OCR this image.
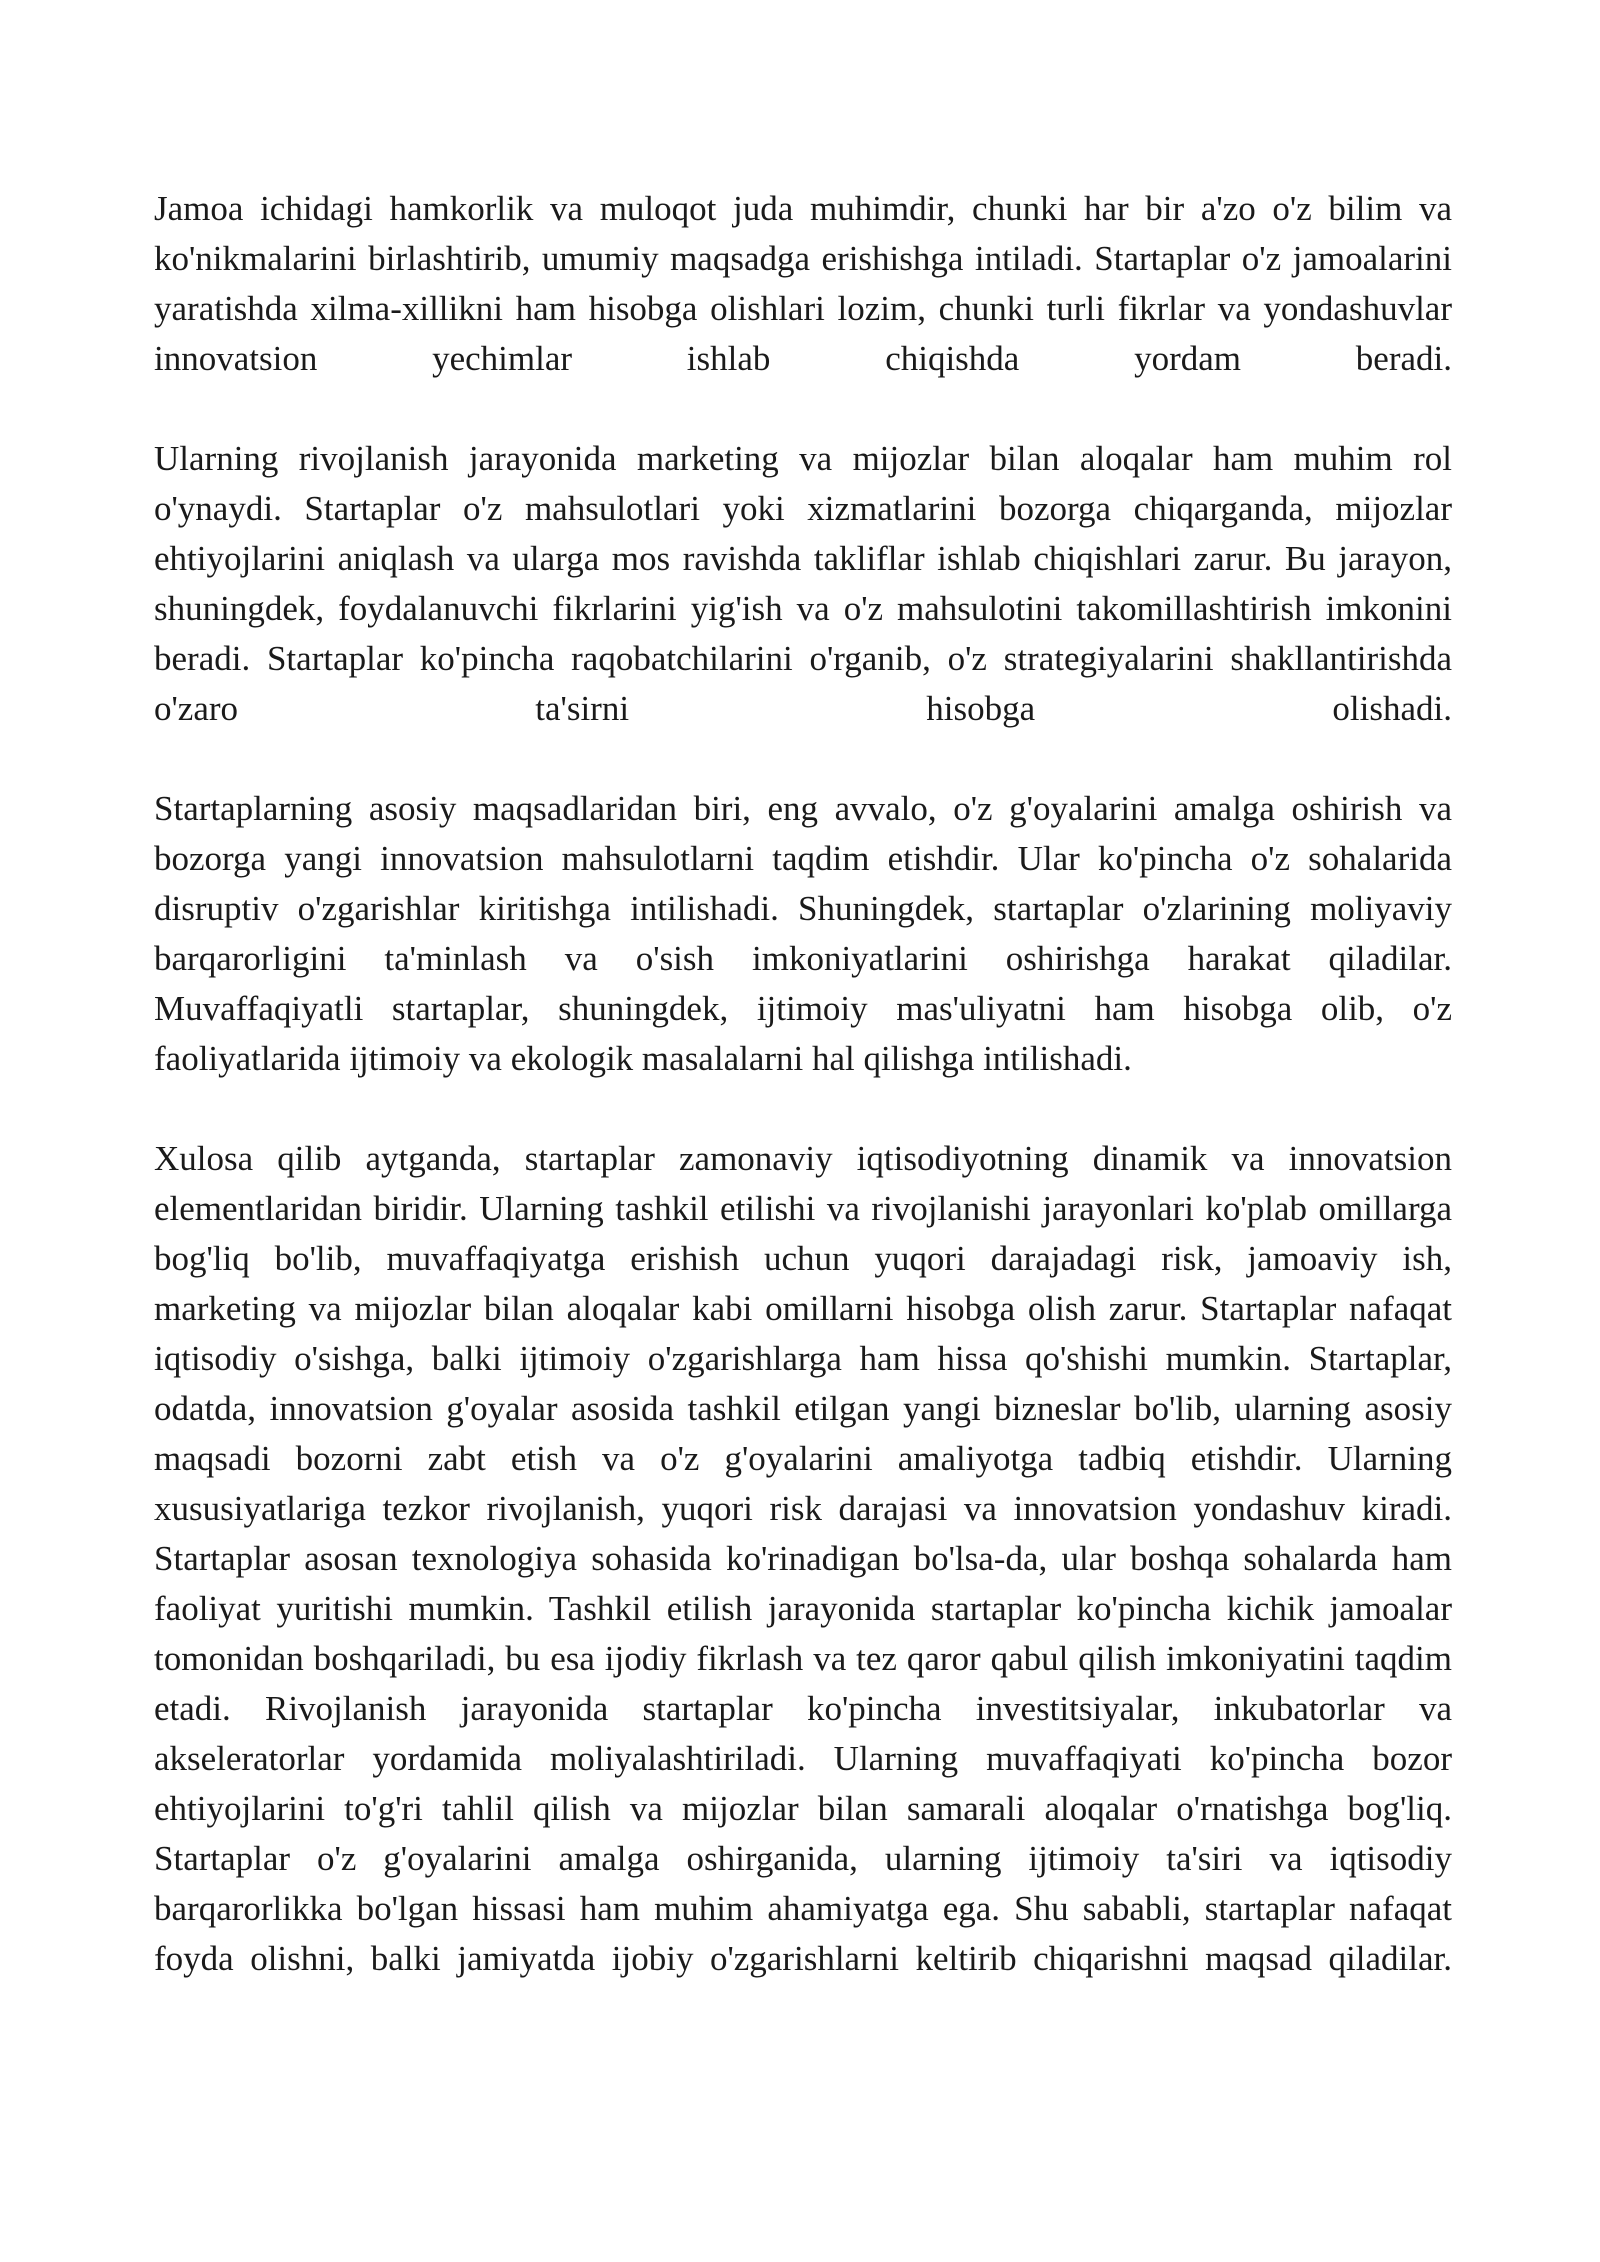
Jamoa ichidagi hamkorlik va muloqot juda muhimdir, chunki har bir a'zo o'z bilim va ko'nikmalarini birlashtirib, umumiy maqsadga erishishga intiladi. Startaplar o'z jamoalarini yaratishda xilma-xillikni ham hisobga olishlari lozim, chunki turli fikrlar va yondashuvlar innovatsion yechimlar ishlab chiqishda yordam beradi.

Ularning rivojlanish jarayonida marketing va mijozlar bilan aloqalar ham muhim rol o'ynaydi. Startaplar o'z mahsulotlari yoki xizmatlarini bozorga chiqarganda, mijozlar ehtiyojlarini aniqlash va ularga mos ravishda takliflar ishlab chiqishlari zarur. Bu jarayon, shuningdek, foydalanuvchi fikrlarini yig'ish va o'z mahsulotini takomillashtirish imkonini beradi. Startaplar ko'pincha raqobatchilarini o'rganib, o'z strategiyalarini shakllantirishda o'zaro ta'sirni hisobga olishadi.

Startaplarning asosiy maqsadlaridan biri, eng avvalo, o'z g'oyalarini amalga oshirish va bozorga yangi innovatsion mahsulotlarni taqdim etishdir. Ular ko'pincha o'z sohalarida disruptiv o'zgarishlar kiritishga intilishadi. Shuningdek, startaplar o'zlarining moliyaviy barqarorligini ta'minlash va o'sish imkoniyatlarini oshirishga harakat qiladilar. Muvaffaqiyatli startaplar, shuningdek, ijtimoiy mas'uliyatni ham hisobga olib, o'z faoliyatlarida ijtimoiy va ekologik masalalarni hal qilishga intilishadi.

Xulosa qilib aytganda, startaplar zamonaviy iqtisodiyotning dinamik va innovatsion elementlaridan biridir. Ularning tashkil etilishi va rivojlanishi jarayonlari ko'plab omillarga bog'liq bo'lib, muvaffaqiyatga erishish uchun yuqori darajadagi risk, jamoaviy ish, marketing va mijozlar bilan aloqalar kabi omillarni hisobga olish zarur. Startaplar nafaqat iqtisodiy o'sishga, balki ijtimoiy o'zgarishlarga ham hissa qo'shishi mumkin. Startaplar, odatda, innovatsion g'oyalar asosida tashkil etilgan yangi bizneslar bo'lib, ularning asosiy maqsadi bozorni zabt etish va o'z g'oyalarini amaliyotga tadbiq etishdir. Ularning xususiyatlariga tezkor rivojlanish, yuqori risk darajasi va innovatsion yondashuv kiradi. Startaplar asosan texnologiya sohasida ko'rinadigan bo'lsa-da, ular boshqa sohalarda ham faoliyat yuritishi mumkin. Tashkil etilish jarayonida startaplar ko'pincha kichik jamoalar tomonidan boshqariladi, bu esa ijodiy fikrlash va tez qaror qabul qilish imkoniyatini taqdim etadi. Rivojlanish jarayonida startaplar ko'pincha investitsiyalar, inkubatorlar va akseleratorlar yordamida moliyalashtiriladi. Ularning muvaffaqiyati ko'pincha bozor ehtiyojlarini to'g'ri tahlil qilish va mijozlar bilan samarali aloqalar o'rnatishga bog'liq. Startaplar o'z g'oyalarini amalga oshirganida, ularning ijtimoiy ta'siri va iqtisodiy barqarorlikka bo'lgan hissasi ham muhim ahamiyatga ega. Shu sababli, startaplar nafaqat foyda olishni, balki jamiyatda ijobiy o'zgarishlarni keltirib chiqarishni maqsad qiladilar.
